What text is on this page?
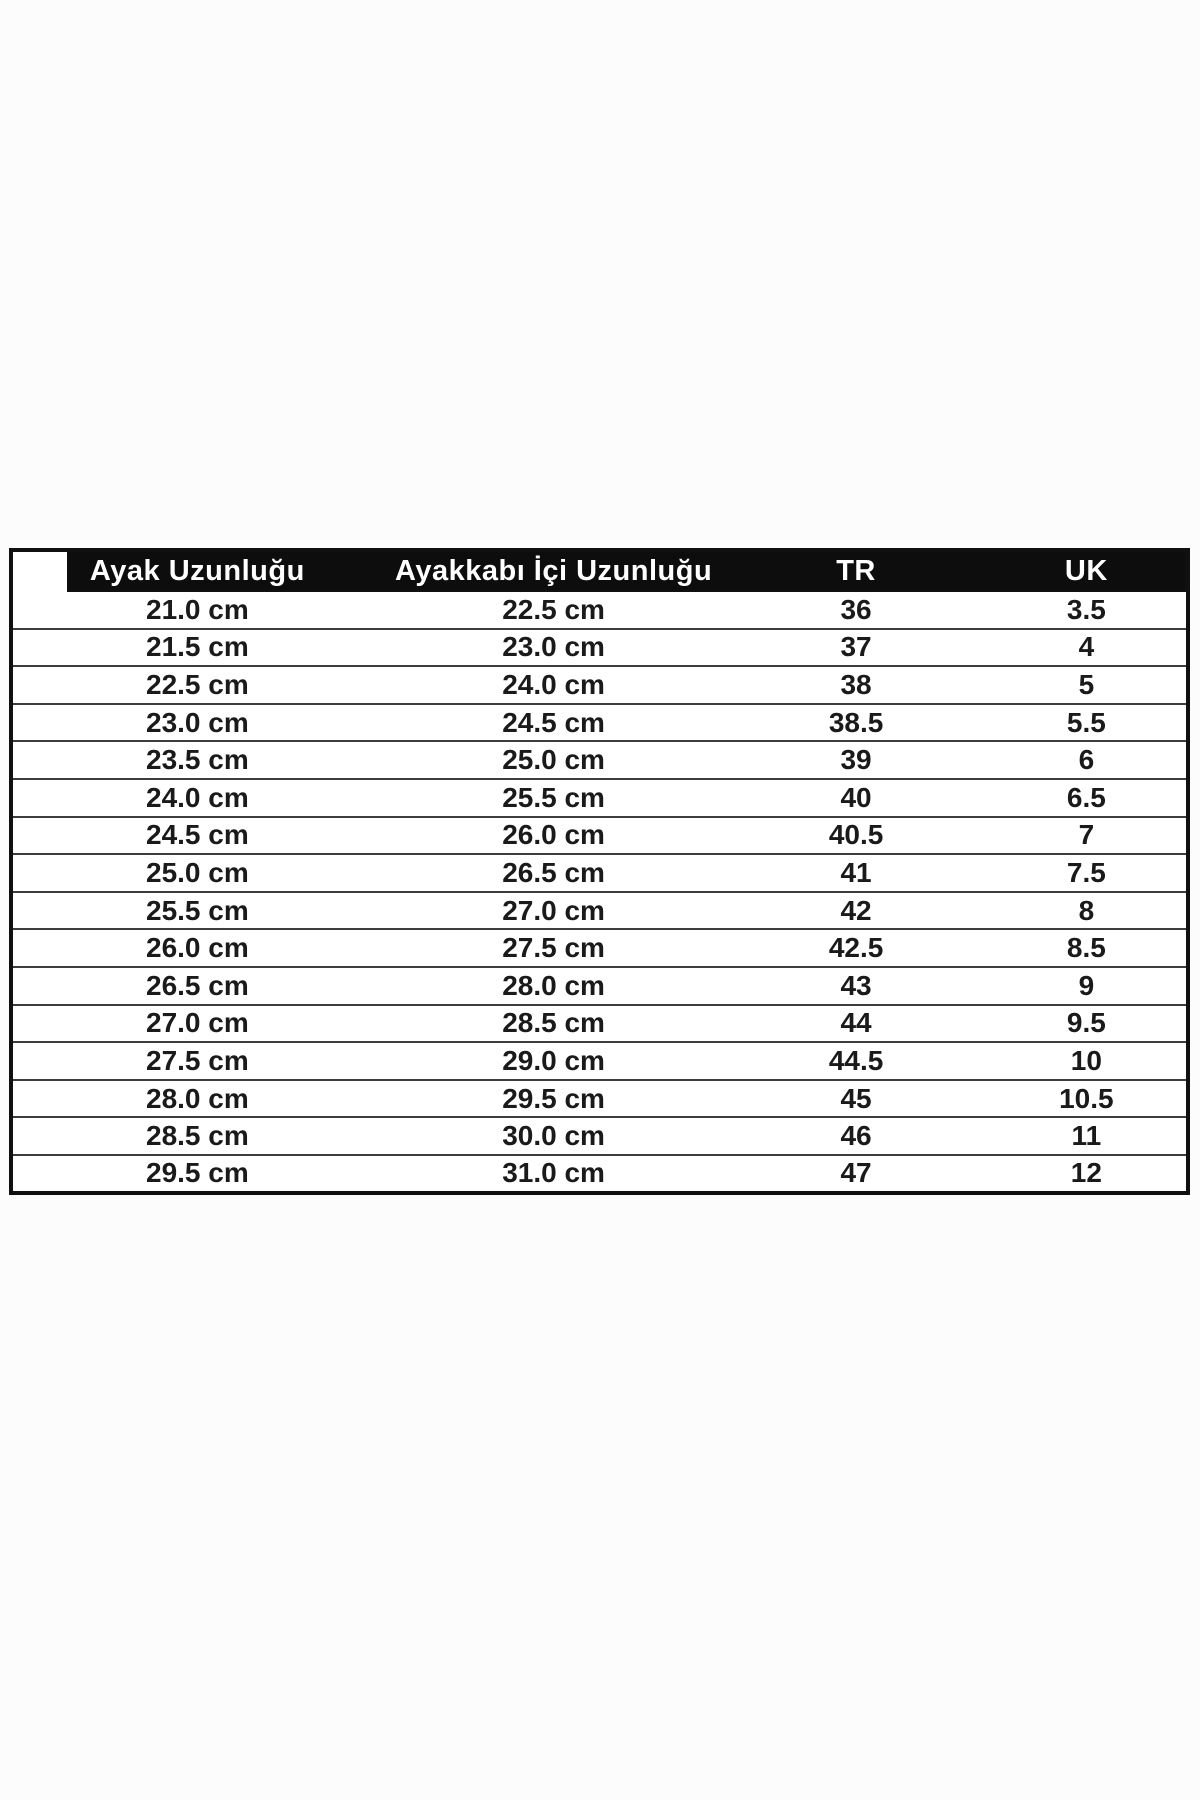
Ayak Uzunluğu	Ayakkabı İçi Uzunluğu	TR	UK
21.0 cm	22.5 cm	36	3.5
21.5 cm	23.0 cm	37	4
22.5 cm	24.0 cm	38	5
23.0 cm	24.5 cm	38.5	5.5
23.5 cm	25.0 cm	39	6
24.0 cm	25.5 cm	40	6.5
24.5 cm	26.0 cm	40.5	7
25.0 cm	26.5 cm	41	7.5
25.5 cm	27.0 cm	42	8
26.0 cm	27.5 cm	42.5	8.5
26.5 cm	28.0 cm	43	9
27.0 cm	28.5 cm	44	9.5
27.5 cm	29.0 cm	44.5	10
28.0 cm	29.5 cm	45	10.5
28.5 cm	30.0 cm	46	11
29.5 cm	31.0 cm	47	12
